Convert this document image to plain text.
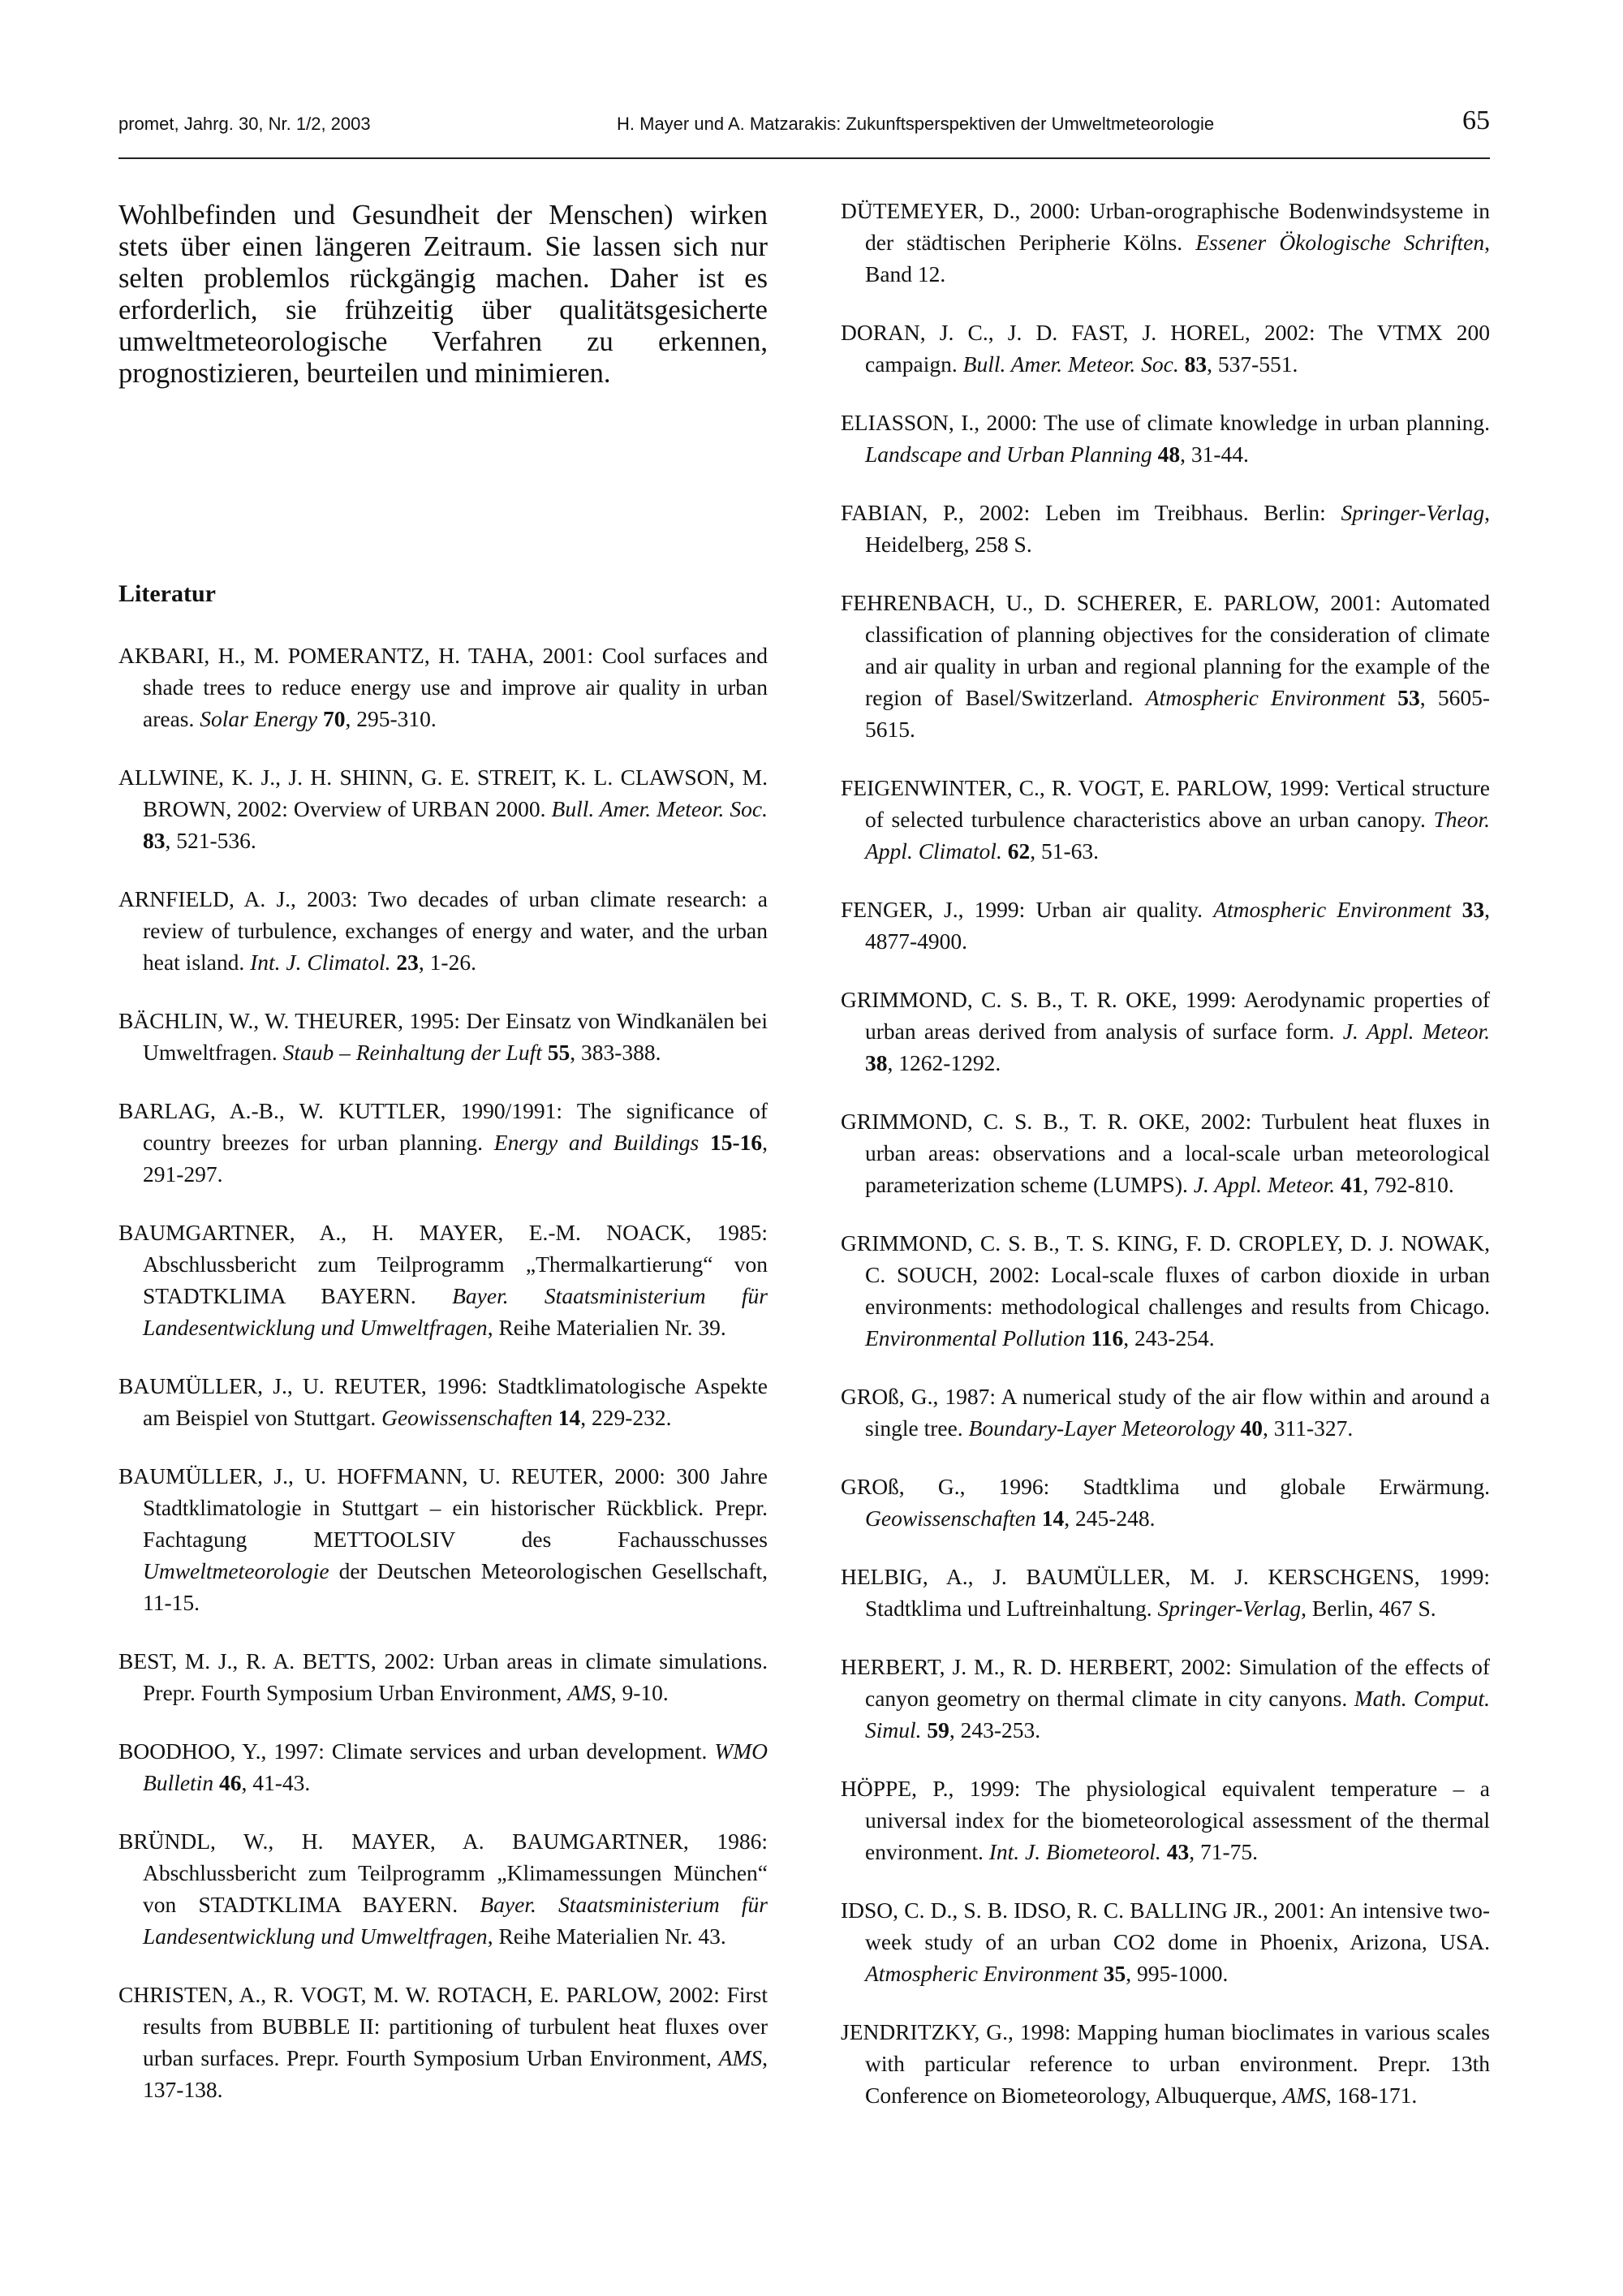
promet, Jahrg. 30, Nr. 1/2, 2003	H. Mayer und A. Matzarakis: Zukunftsperspektiven der Umweltmeteorologie	65

Wohlbefinden und Gesundheit der Menschen) wirken stets über einen längeren Zeitraum. Sie lassen sich nur selten problemlos rückgängig machen. Daher ist es erforderlich, sie frühzeitig über qualitätsgesicherte umweltmeteorologische Verfahren zu erkennen, prognostizieren, beurteilen und minimieren.

Literatur

AKBARI, H., M. POMERANTZ, H. TAHA, 2001: Cool surfaces and shade trees to reduce energy use and improve air quality in urban areas. Solar Energy 70, 295-310.

ALLWINE, K. J., J. H. SHINN, G. E. STREIT, K. L. CLAWSON, M. BROWN, 2002: Overview of URBAN 2000. Bull. Amer. Meteor. Soc. 83, 521-536.

ARNFIELD, A. J., 2003: Two decades of urban climate research: a review of turbulence, exchanges of energy and water, and the urban heat island. Int. J. Climatol. 23, 1-26.

BÄCHLIN, W., W. THEURER, 1995: Der Einsatz von Windkanälen bei Umweltfragen. Staub – Reinhaltung der Luft 55, 383-388.

BARLAG, A.-B., W. KUTTLER, 1990/1991: The significance of country breezes for urban planning. Energy and Buildings 15-16, 291-297.

BAUMGARTNER, A., H. MAYER, E.-M. NOACK, 1985: Abschlussbericht zum Teilprogramm „Thermalkartierung“ von STADTKLIMA BAYERN. Bayer. Staatsministerium für Landesentwicklung und Umweltfragen, Reihe Materialien Nr. 39.

BAUMÜLLER, J., U. REUTER, 1996: Stadtklimatologische Aspekte am Beispiel von Stuttgart. Geowissenschaften 14, 229-232.

BAUMÜLLER, J., U. HOFFMANN, U. REUTER, 2000: 300 Jahre Stadtklimatologie in Stuttgart – ein historischer Rückblick. Prepr. Fachtagung METTOOLSIV des Fachausschusses Umweltmeteorologie der Deutschen Meteorologischen Gesellschaft, 11-15.

BEST, M. J., R. A. BETTS, 2002: Urban areas in climate simulations. Prepr. Fourth Symposium Urban Environment, AMS, 9-10.

BOODHOO, Y., 1997: Climate services and urban development. WMO Bulletin 46, 41-43.

BRÜNDL, W., H. MAYER, A. BAUMGARTNER, 1986: Abschlussbericht zum Teilprogramm „Klimamessungen München“ von STADTKLIMA BAYERN. Bayer. Staatsministerium für Landesentwicklung und Umweltfragen, Reihe Materialien Nr. 43.

CHRISTEN, A., R. VOGT, M. W. ROTACH, E. PARLOW, 2002: First results from BUBBLE II: partitioning of turbulent heat fluxes over urban surfaces. Prepr. Fourth Symposium Urban Environment, AMS, 137-138.

DÜTEMEYER, D., 2000: Urban-orographische Bodenwindsysteme in der städtischen Peripherie Kölns. Essener Ökologische Schriften, Band 12.

DORAN, J. C., J. D. FAST, J. HOREL, 2002: The VTMX 200 campaign. Bull. Amer. Meteor. Soc. 83, 537-551.

ELIASSON, I., 2000: The use of climate knowledge in urban planning. Landscape and Urban Planning 48, 31-44.

FABIAN, P., 2002: Leben im Treibhaus. Berlin: Springer-Verlag, Heidelberg, 258 S.

FEHRENBACH, U., D. SCHERER, E. PARLOW, 2001: Automated classification of planning objectives for the consideration of climate and air quality in urban and regional planning for the example of the region of Basel/Switzerland. Atmospheric Environment 53, 5605-5615.

FEIGENWINTER, C., R. VOGT, E. PARLOW, 1999: Vertical structure of selected turbulence characteristics above an urban canopy. Theor. Appl. Climatol. 62, 51-63.

FENGER, J., 1999: Urban air quality. Atmospheric Environment 33, 4877-4900.

GRIMMOND, C. S. B., T. R. OKE, 1999: Aerodynamic properties of urban areas derived from analysis of surface form. J. Appl. Meteor. 38, 1262-1292.

GRIMMOND, C. S. B., T. R. OKE, 2002: Turbulent heat fluxes in urban areas: observations and a local-scale urban meteorological parameterization scheme (LUMPS). J. Appl. Meteor. 41, 792-810.

GRIMMOND, C. S. B., T. S. KING, F. D. CROPLEY, D. J. NOWAK, C. SOUCH, 2002: Local-scale fluxes of carbon dioxide in urban environments: methodological challenges and results from Chicago. Environmental Pollution 116, 243-254.

GROß, G., 1987: A numerical study of the air flow within and around a single tree. Boundary-Layer Meteorology 40, 311-327.

GROß, G., 1996: Stadtklima und globale Erwärmung. Geowissenschaften 14, 245-248.

HELBIG, A., J. BAUMÜLLER, M. J. KERSCHGENS, 1999: Stadtklima und Luftreinhaltung. Springer-Verlag, Berlin, 467 S.

HERBERT, J. M., R. D. HERBERT, 2002: Simulation of the effects of canyon geometry on thermal climate in city canyons. Math. Comput. Simul. 59, 243-253.

HÖPPE, P., 1999: The physiological equivalent temperature – a universal index for the biometeorological assessment of the thermal environment. Int. J. Biometeorol. 43, 71-75.

IDSO, C. D., S. B. IDSO, R. C. BALLING JR., 2001: An intensive two-week study of an urban CO2 dome in Phoenix, Arizona, USA. Atmospheric Environment 35, 995-1000.

JENDRITZKY, G., 1998: Mapping human bioclimates in various scales with particular reference to urban environment. Prepr. 13th Conference on Biometeorology, Albuquerque, AMS, 168-171.
